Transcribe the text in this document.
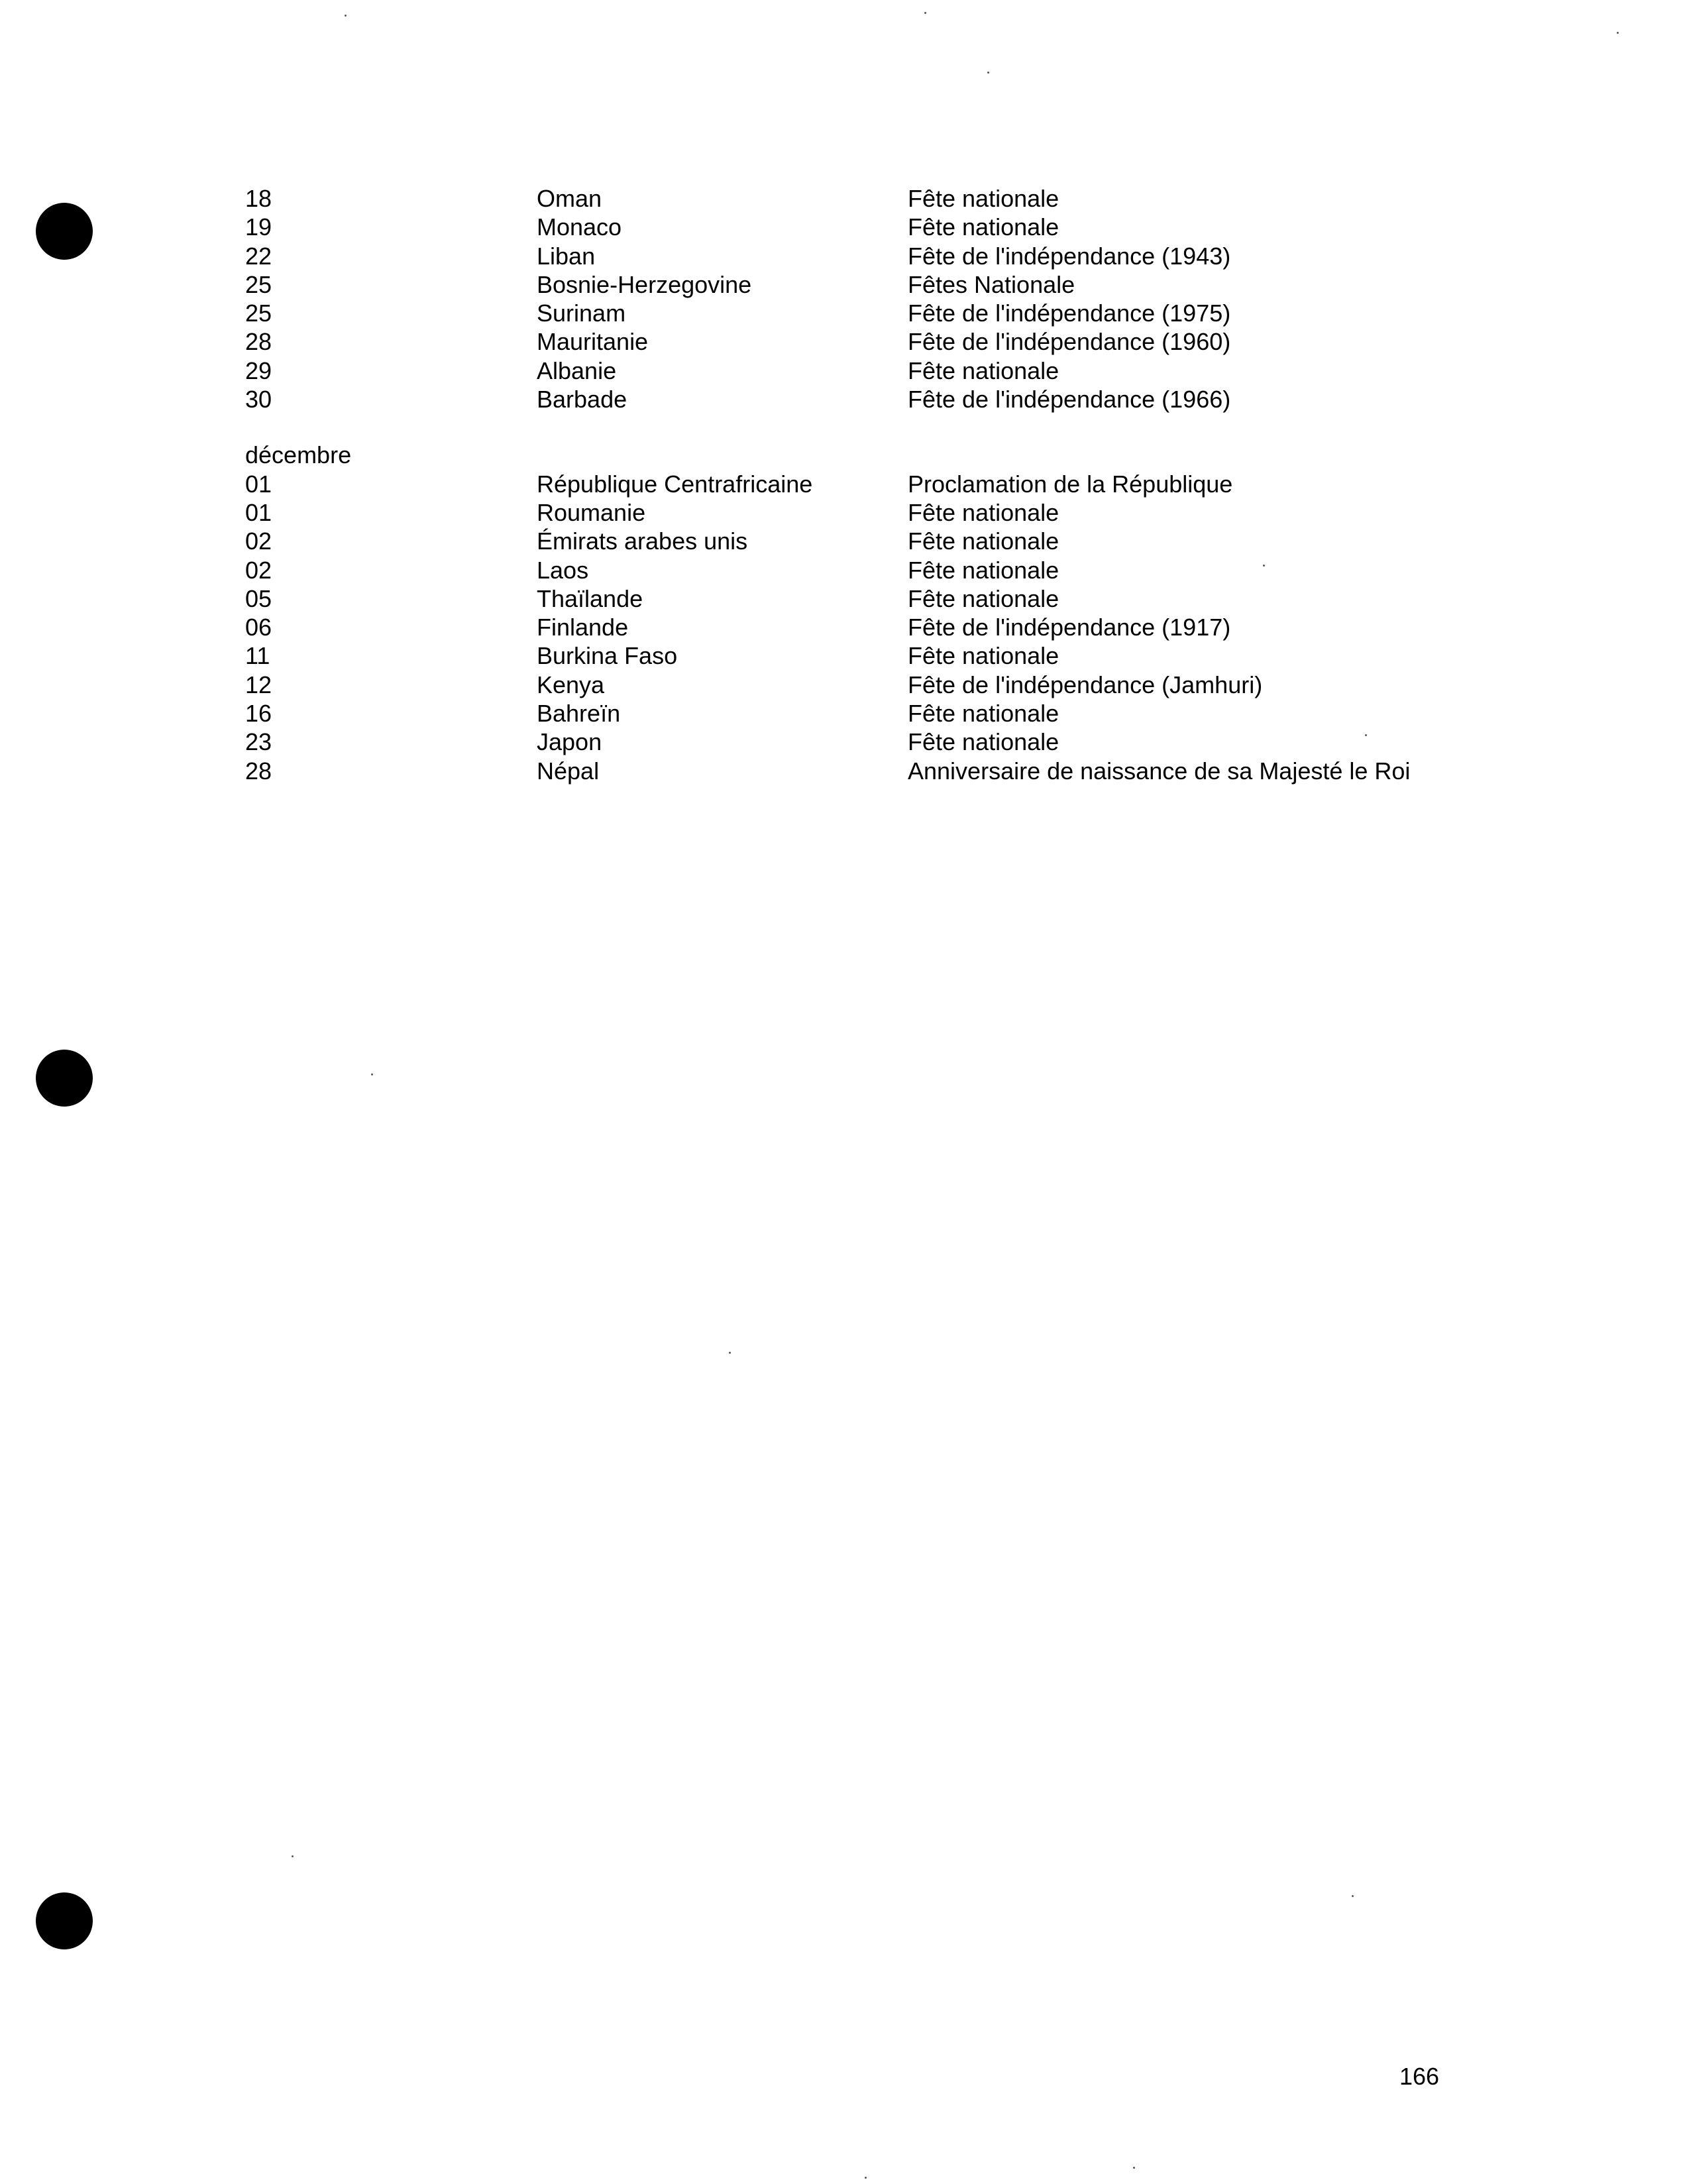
18	Oman	Fête nationale
19	Monaco	Fête nationale
22	Liban	Fête de l'indépendance (1943)
25	Bosnie-Herzegovine	Fêtes Nationale
25	Surinam	Fête de l'indépendance (1975)
28	Mauritanie	Fête de l'indépendance (1960)
29	Albanie	Fête nationale
30	Barbade	Fête de l'indépendance (1966)
décembre
01	République Centrafricaine	Proclamation de la République
01	Roumanie	Fête nationale
02	Émirats arabes unis	Fête nationale
02	Laos	Fête nationale
05	Thaïlande	Fête nationale
06	Finlande	Fête de l'indépendance (1917)
11	Burkina Faso	Fête nationale
12	Kenya	Fête de l'indépendance (Jamhuri)
16	Bahreïn	Fête nationale
23	Japon	Fête nationale
28	Népal	Anniversaire de naissance de sa Majesté le Roi
166
